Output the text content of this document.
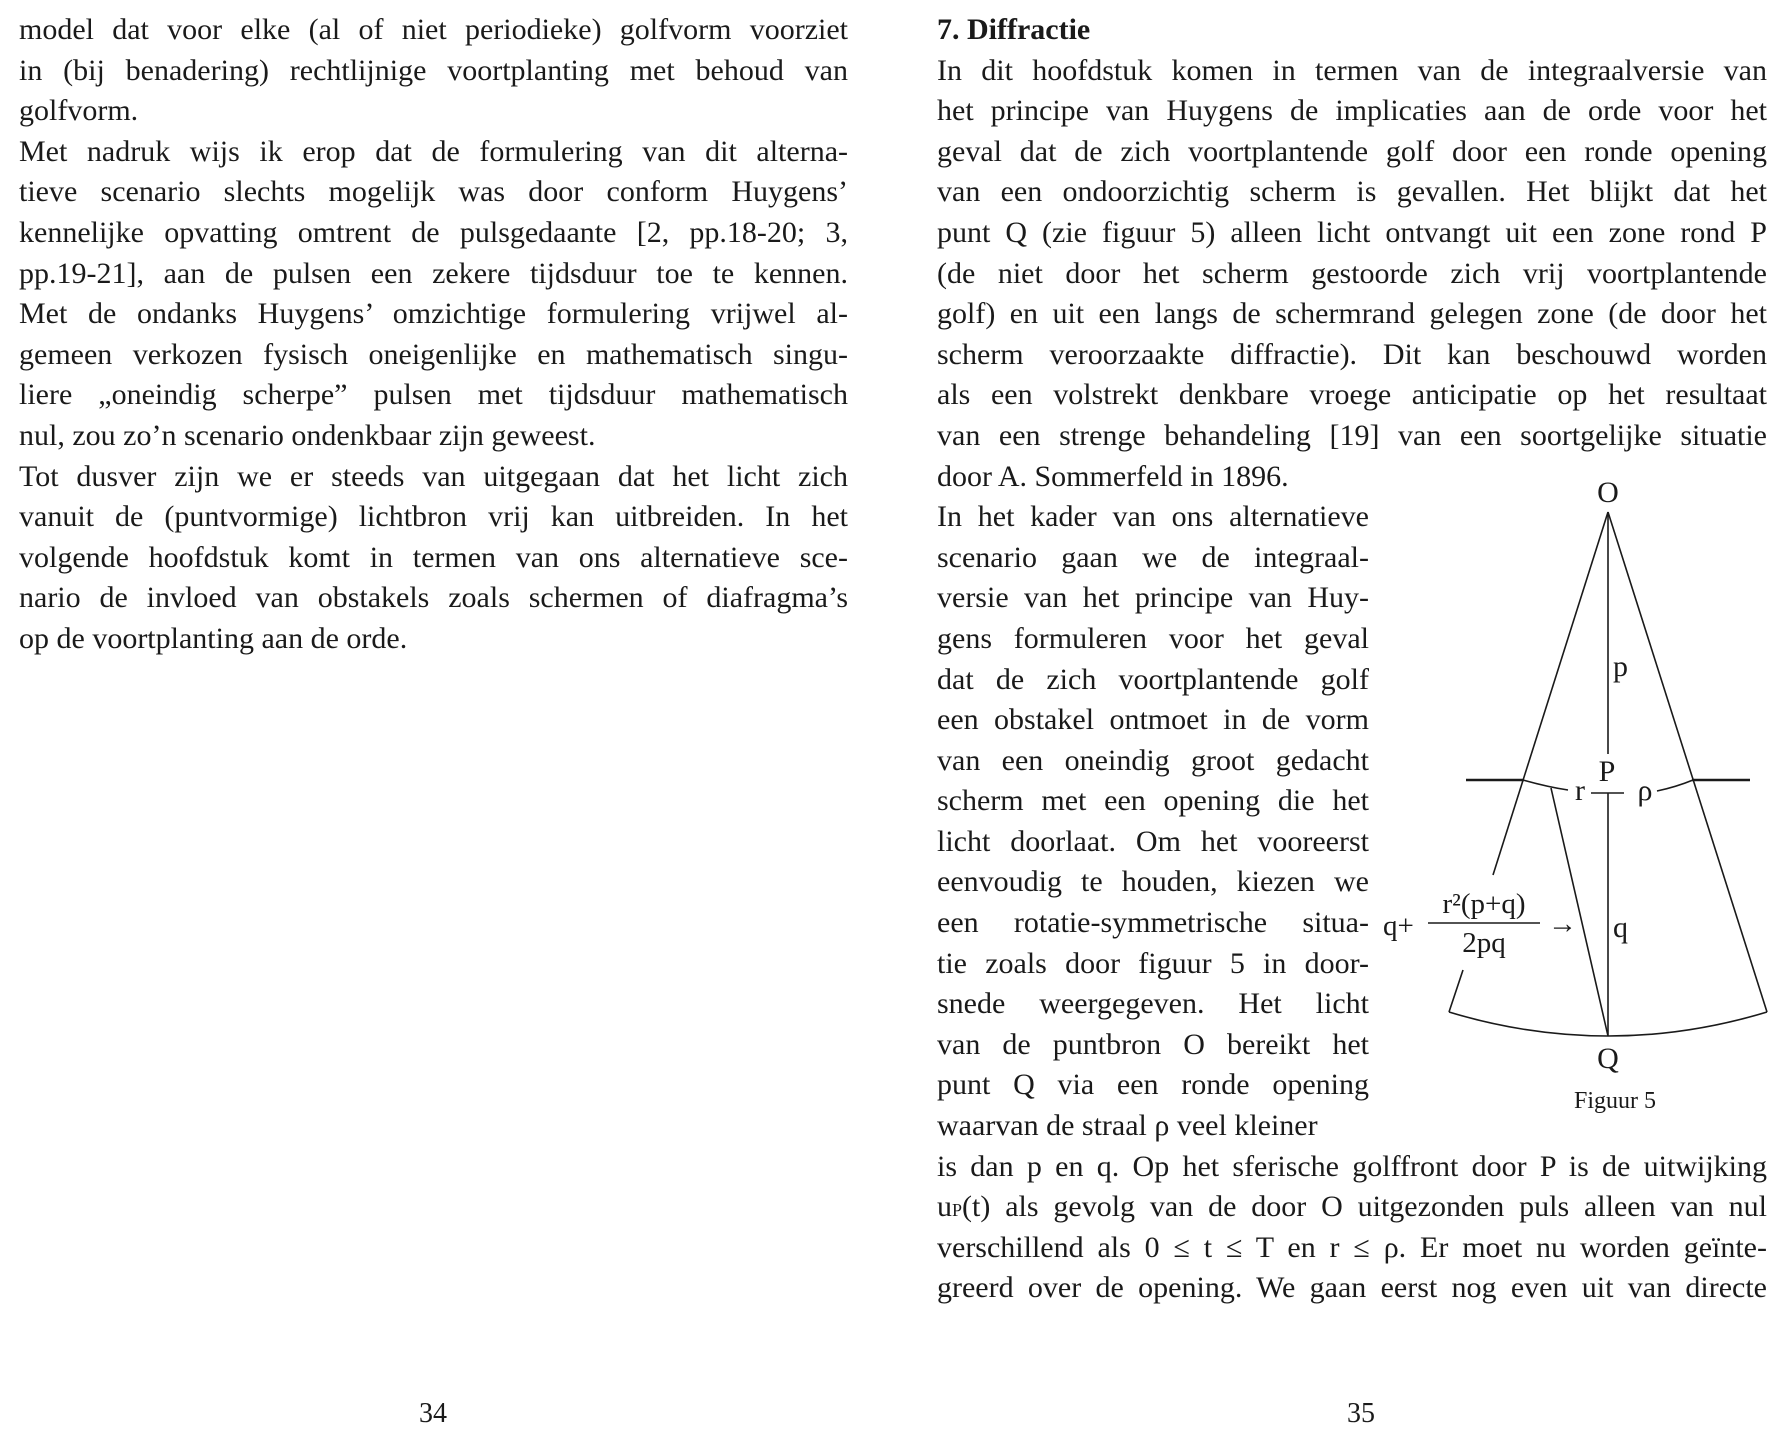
model dat voor elke (al of niet periodieke) golfvorm voorziet
in (bij benadering) rechtlijnige voortplanting met behoud van
golfvorm.
Met nadruk wijs ik erop dat de formulering van dit alterna-
tieve scenario slechts mogelijk was door conform Huygens’
kennelijke opvatting omtrent de pulsgedaante [2, pp.18-20; 3,
pp.19-21], aan de pulsen een zekere tijdsduur toe te kennen.
Met de ondanks Huygens’ omzichtige formulering vrijwel al-
gemeen verkozen fysisch oneigenlijke en mathematisch singu-
liere „oneindig scherpe” pulsen met tijdsduur mathematisch
nul, zou zo’n scenario ondenkbaar zijn geweest.
Tot dusver zijn we er steeds van uitgegaan dat het licht zich
vanuit de (puntvormige) lichtbron vrij kan uitbreiden. In het
volgende hoofdstuk komt in termen van ons alternatieve sce-
nario de invloed van obstakels zoals schermen of diafragma’s
op de voortplanting aan de orde.
7. Diffractie
In dit hoofdstuk komen in termen van de integraalversie van
het principe van Huygens de implicaties aan de orde voor het
geval dat de zich voortplantende golf door een ronde opening
van een ondoorzichtig scherm is gevallen. Het blijkt dat het
punt Q (zie figuur 5) alleen licht ontvangt uit een zone rond P
(de niet door het scherm gestoorde zich vrij voortplantende
golf) en uit een langs de schermrand gelegen zone (de door het
scherm veroorzaakte diffractie). Dit kan beschouwd worden
als een volstrekt denkbare vroege anticipatie op het resultaat
van een strenge behandeling [19] van een soortgelijke situatie
door A. Sommerfeld in 1896.
In het kader van ons alternatieve
scenario gaan we de integraal-
versie van het principe van Huy-
gens formuleren voor het geval
dat de zich voortplantende golf
een obstakel ontmoet in de vorm
van een oneindig groot gedacht
scherm met een opening die het
licht doorlaat. Om het vooreerst
eenvoudig te houden, kiezen we
een rotatie-symmetrische situa-
tie zoals door figuur 5 in door-
snede weergegeven. Het licht
van de puntbron O bereikt het
punt Q via een ronde opening
waarvan de straal ρ veel kleiner
is dan p en q. Op het sferische golffront door P is de uitwijking
uP(t) als gevolg van de door O uitgezonden puls alleen van nul
verschillend als 0 ≤ t ≤ T en r ≤ ρ. Er moet nu worden geïnte-
greerd over de opening. We gaan eerst nog even uit van directe
O
p
P
r ρ
q
Q
q+
r²(p+q)
2pq
→
Figuur 5
34	35
